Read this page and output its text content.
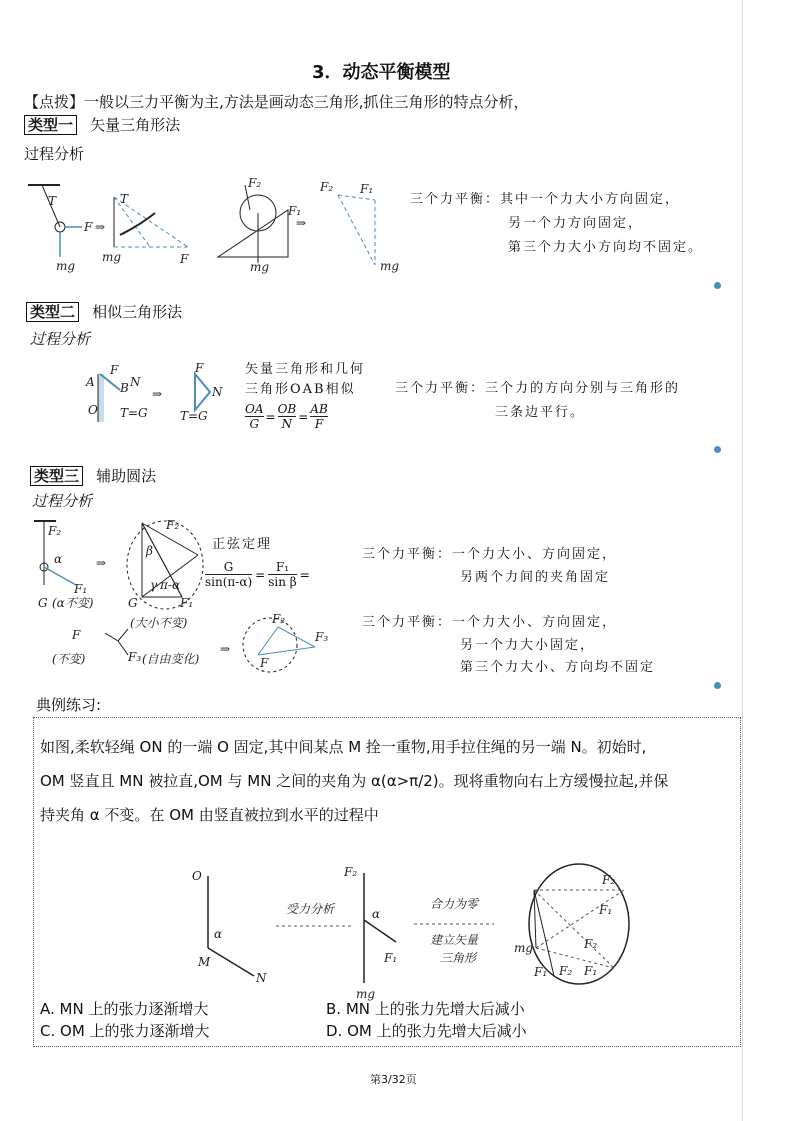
3．动态平衡模型
【点拨】一般以三力平衡为主,方法是画动态三角形,抓住三角形的特点分析，
类型一 矢量三角形法
过程分析
T
F
mg
T
mg	F
⇒
F₂
F₁
mg
⇒
F₂ F₁
mg
三个力平衡：其中一个力大小方向固定，
另一个力方向固定，
第三个力大小方向均不固定。
类型二 相似三角形法
过程分析
A
O
F
B N
T=G
⇒
F
N
T=G
矢量三角形和几何
三角形OAB相似
OA
G
=
OB
N
=
AB
F
三个力平衡：三个力的方向分别与三角形的
三条边平行。
类型三 辅助圆法
过程分析
F₂
α
F₁
G (α不变)
⇒
F₂
β
γ π-α
G	F₁
F
(大小不变)
(不变)	F₃ (自由变化)
⇒
F₂
F₃
F
正弦定理
G
sin(π-α)
= $\frac{\text{F₁}}{\text{sin β}}$ =
三个力平衡：一个力大小、方向固定，
另两个力间的夹角固定
三个力平衡：一个力大小、方向固定，
另一个力大小固定，
第三个力大小、方向均不固定
典例练习:
如图,柔软轻绳 ON 的一端 O 固定,其中间某点 M 拴一重物,用手拉住绳的另一端 N。初始时,
OM 竖直且 MN 被拉直,OM 与 MN 之间的夹角为 α(α>π/2)。现将重物向右上方缓慢拉起,并保
持夹角 α 不变。在 OM 由竖直被拉到水平的过程中
O
α
M
N
受力分析
F₂
α
F₁
mg
合力为零
建立矢量
三角形
F₂
F₁
F₂
mg
F₁ F₂ F₁
A. MN 上的张力逐渐增大	B. MN 上的张力先增大后减小
C. OM 上的张力逐渐增大	D. OM 上的张力先增大后减小
第3/32页
